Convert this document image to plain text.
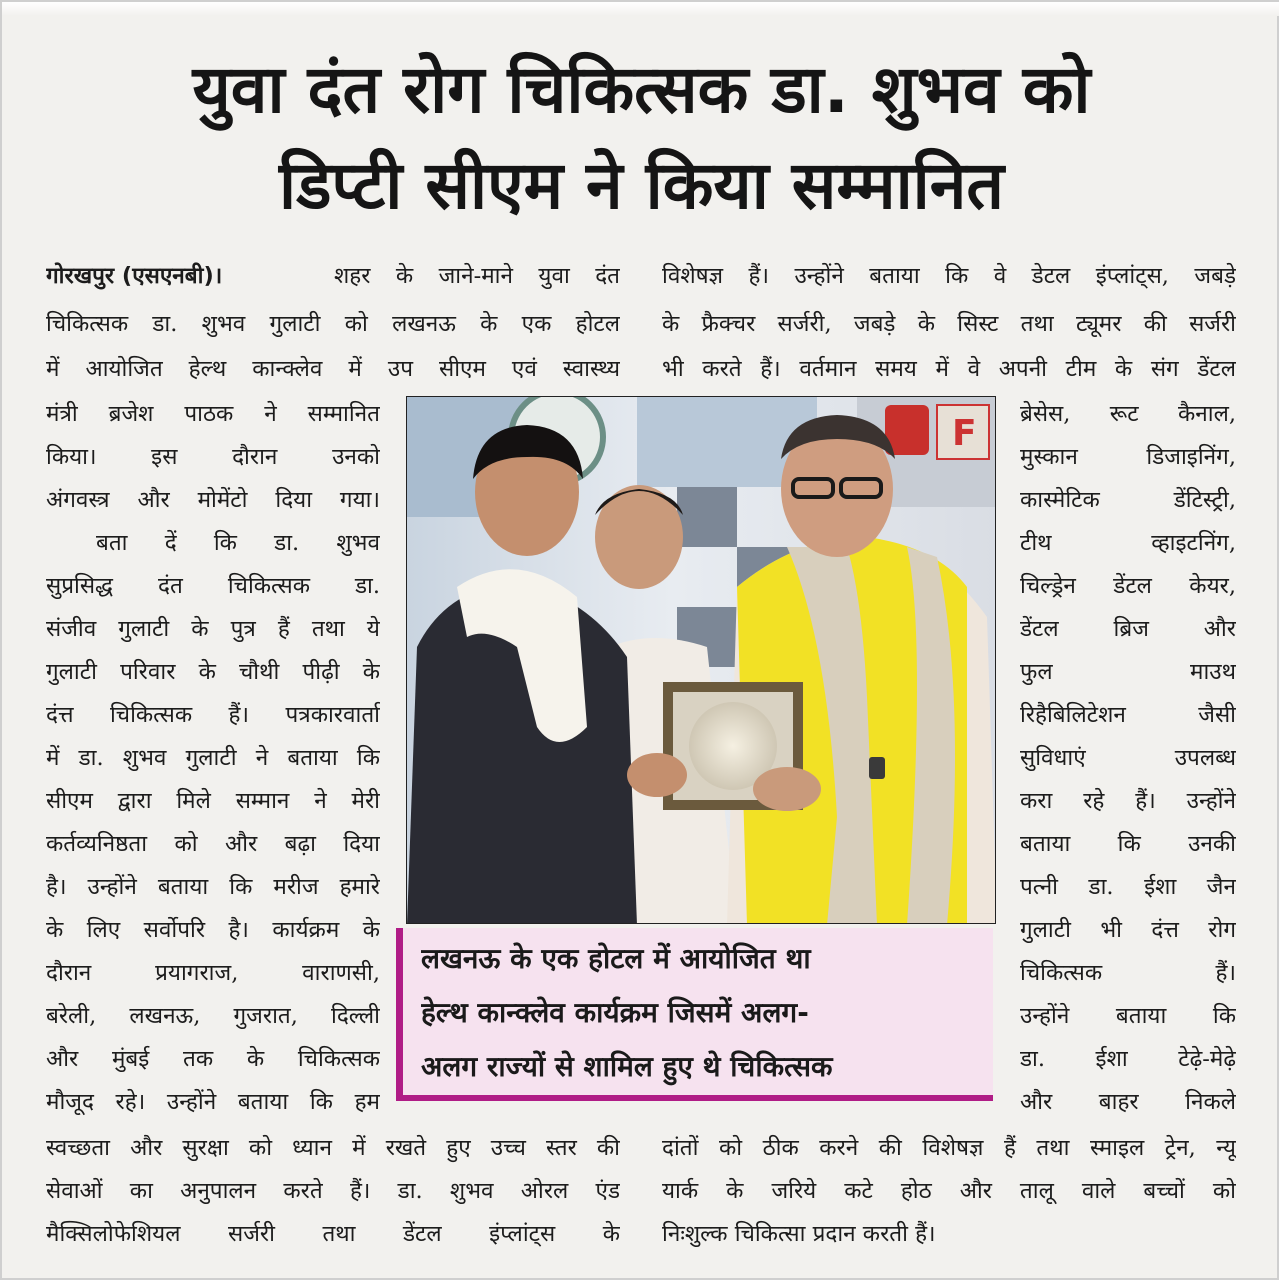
युवा दंत रोग चिकित्सक डा. शुभव को
डिप्टी सीएम ने किया सम्मानित
गोरखपुर (एसएनबी)।	शहर के जाने-माने युवा दंत
चिकित्सक डा. शुभव गुलाटी को लखनऊ के एक होटल
में आयोजित हेल्थ कान्क्लेव में उप सीएम एवं स्वास्थ्य
विशेषज्ञ हैं। उन्होंने बताया कि वे डेटल इंप्लांट्स, जबड़े
के फ्रैक्चर सर्जरी, जबड़े के सिस्ट तथा ट्यूमर की सर्जरी
भी करते हैं। वर्तमान समय में वे अपनी टीम के संग डेंटल
मंत्री ब्रजेश पाठक ने सम्मानित
किया। इस दौरान उनको
अंगवस्त्र और मोमेंटो दिया गया।
बता दें कि डा. शुभव
सुप्रसिद्ध दंत चिकित्सक डा.
संजीव गुलाटी के पुत्र हैं तथा ये
गुलाटी परिवार के चौथी पीढ़ी के
दंत्त चिकित्सक हैं। पत्रकारवार्ता
में डा. शुभव गुलाटी ने बताया कि
सीएम द्वारा मिले सम्मान ने मेरी
कर्तव्यनिष्ठता को और बढ़ा दिया
है। उन्होंने बताया कि मरीज हमारे
के लिए सर्वोपरि है। कार्यक्रम के
दौरान प्रयागराज, वाराणसी,
बरेली, लखनऊ, गुजरात, दिल्ली
और मुंबई तक के चिकित्सक
मौजूद रहे। उन्होंने बताया कि हम
ब्रेसेस, रूट कैनाल,
मुस्कान डिजाइनिंग,
कास्मेटिक डेंटिस्ट्री,
टीथ व्हाइटनिंग,
चिल्ड्रेन डेंटल केयर,
डेंटल ब्रिज और
फुल माउथ
रिहैबिलिटेशन जैसी
सुविधाएं उपलब्ध
करा रहे हैं। उन्होंने
बताया कि उनकी
पत्नी डा. ईशा जैन
गुलाटी भी दंत्त रोग
चिकित्सक हैं।
उन्होंने बताया कि
डा. ईशा टेढ़े-मेढ़े
और बाहर निकले
F
लखनऊ के एक होटल में आयोजित था
हेल्थ कान्क्लेव कार्यक्रम जिसमें अलग-
अलग राज्यों से शामिल हुए थे चिकित्सक
स्वच्छता और सुरक्षा को ध्यान में रखते हुए उच्च स्तर की
सेवाओं का अनुपालन करते हैं। डा. शुभव ओरल एंड
मैक्सिलोफेशियल सर्जरी तथा डेंटल इंप्लांट्स के
दांतों को ठीक करने की विशेषज्ञ हैं तथा स्माइल ट्रेन, न्यू
यार्क के जरिये कटे होठ और तालू वाले बच्चों को
निःशुल्क चिकित्सा प्रदान करती हैं।
